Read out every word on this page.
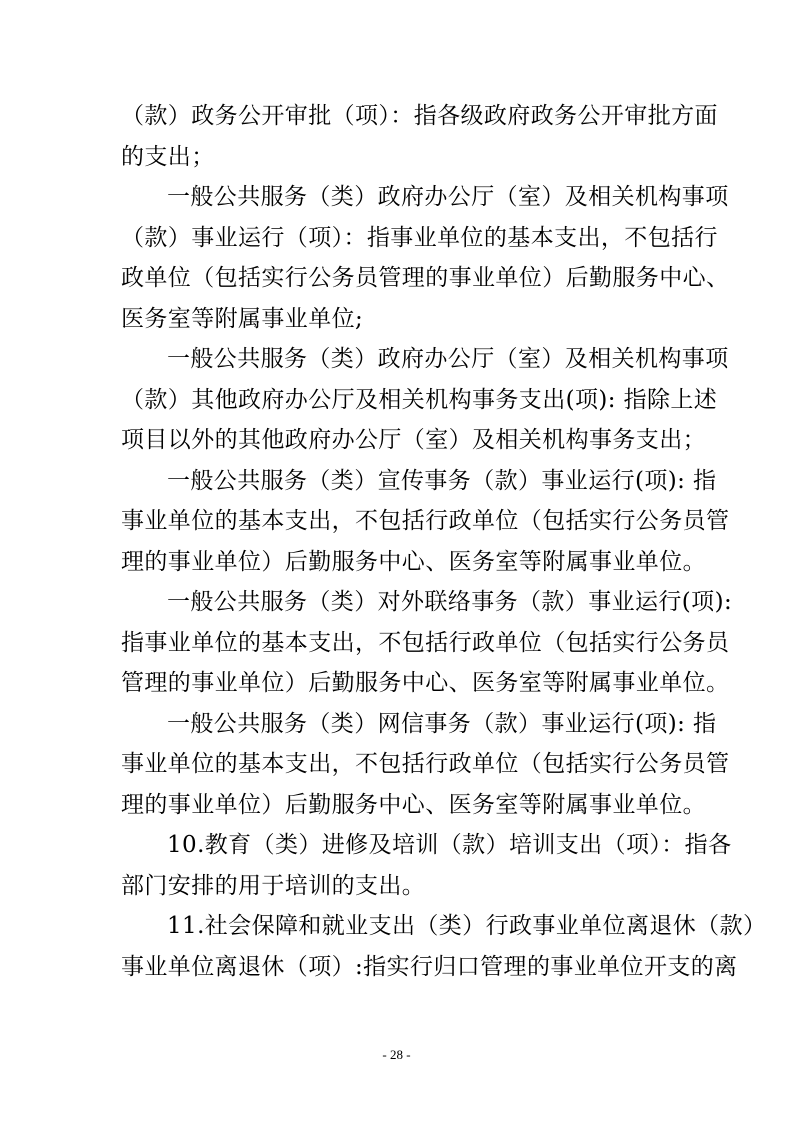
（款）政务公开审批（项）：指各级政府政务公开审批方面
的支出；

一般公共服务（类）政府办公厅（室）及相关机构事项
（款）事业运行（项）：指事业单位的基本支出，不包括行
政单位（包括实行公务员管理的事业单位）后勤服务中心、
医务室等附属事业单位;

一般公共服务（类）政府办公厅（室）及相关机构事项
（款）其他政府办公厅及相关机构事务支出(项): 指除上述
项目以外的其他政府办公厅（室）及相关机构事务支出；

一般公共服务（类）宣传事务（款）事业运行(项): 指
事业单位的基本支出，不包括行政单位（包括实行公务员管
理的事业单位）后勤服务中心、医务室等附属事业单位。

一般公共服务（类）对外联络事务（款）事业运行(项):
指事业单位的基本支出，不包括行政单位（包括实行公务员
管理的事业单位）后勤服务中心、医务室等附属事业单位。

一般公共服务（类）网信事务（款）事业运行(项): 指
事业单位的基本支出，不包括行政单位（包括实行公务员管
理的事业单位）后勤服务中心、医务室等附属事业单位。

10.教育（类）进修及培训（款）培训支出（项）：指各
部门安排的用于培训的支出。

11.社会保障和就业支出（类）行政事业单位离退休（款）
事业单位离退休（项）:指实行归口管理的事业单位开支的离

- 28 -
